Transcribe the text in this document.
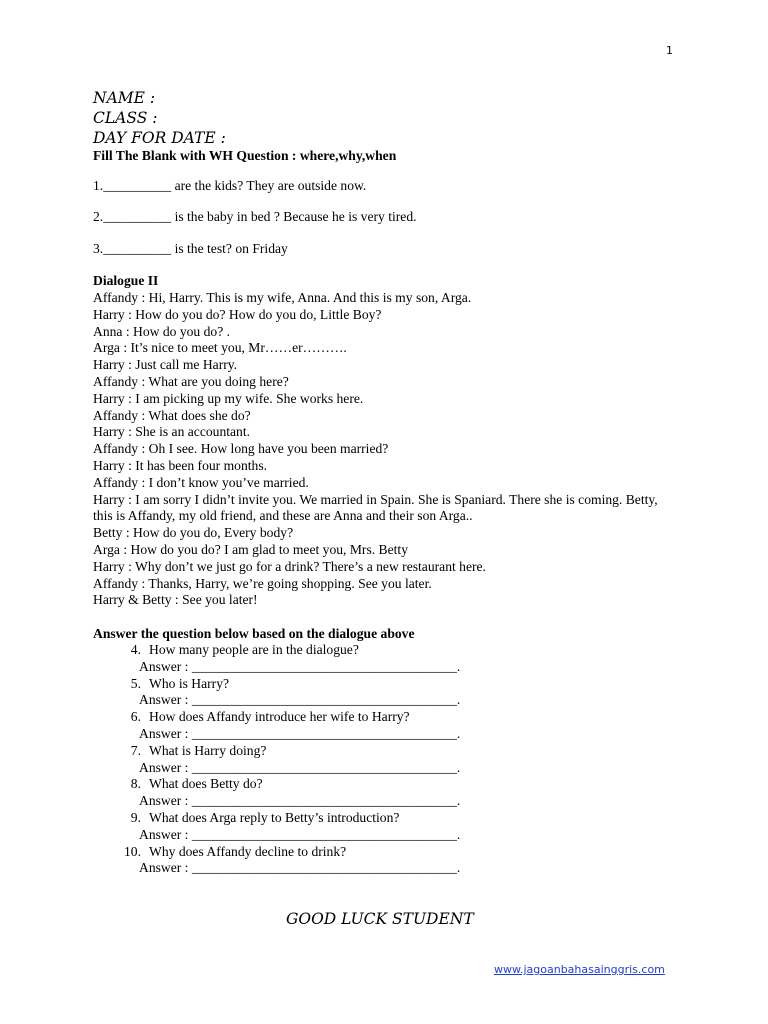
1
NAME :
CLASS :
DAY FOR DATE :
Fill The Blank with WH Question : where,why,when
1.__________ are the kids? They are outside now.
2.__________ is the baby in bed ? Because he is very tired.
3.__________ is the test? on Friday
Dialogue II
Affandy : Hi, Harry. This is my wife, Anna. And this is my son, Arga.
Harry : How do you do? How do you do, Little Boy?
Anna : How do you do? .
Arga : It’s nice to meet you, Mr……er……….
Harry : Just call me Harry.
Affandy : What are you doing here?
Harry : I am picking up my wife. She works here.
Affandy : What does she do?
Harry : She is an accountant.
Affandy : Oh I see. How long have you been married?
Harry : It has been four months.
Affandy : I don’t know you’ve married.
Harry : I am sorry I didn’t invite you. We married in Spain. She is Spaniard. There she is coming. Betty, this is Affandy, my old friend, and these are Anna and their son Arga..
Betty : How do you do, Every body?
Arga : How do you do? I am glad to meet you, Mrs. Betty
Harry : Why don’t we just go for a drink? There’s a new restaurant here.
Affandy : Thanks, Harry, we’re going shopping. See you later.
Harry & Betty : See you later!
Answer the question below based on the dialogue above
4. How many people are in the dialogue?
Answer : _______________________________________.
5. Who is Harry?
Answer : _______________________________________.
6. How does Affandy introduce her wife to Harry?
Answer : _______________________________________.
7. What is Harry doing?
Answer : _______________________________________.
8. What does Betty do?
Answer : _______________________________________.
9. What does Arga reply to Betty’s introduction?
Answer : _______________________________________.
10. Why does Affandy decline to drink?
Answer : _______________________________________.
GOOD LUCK STUDENT
www.jagoanbahasainggris.com
